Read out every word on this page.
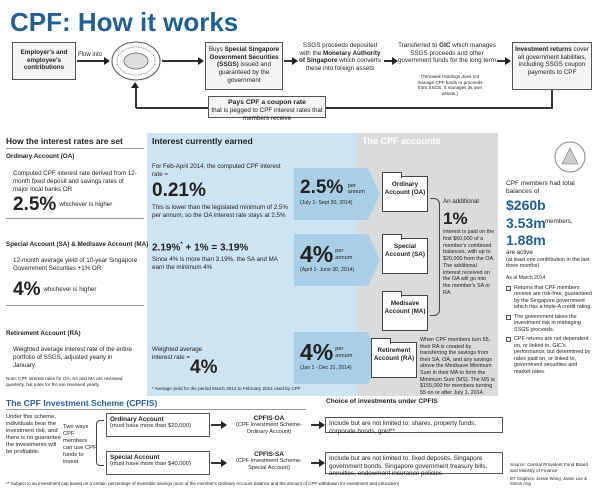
CPF: How it works
Employer's and employee's contributions
Flow into
Buys Special Singapore Government Securities (SSGS) issued and guaranteed by the government
SSGS proceeds deposited with the Monetary Authority of Singapore which converts these into foreign assets
Transferred to GIC which manages SSGS proceeds and other government funds for the long term
(Temasek Holdings does not manage CPF funds or proceeds from SSGS. It manages its own assets.)
Investment returns cover all government liabilities, including SSGS coupon payments to CPF
Pays CPF a coupon rate
that is pegged to CPF interest rates that members receive
How the interest rates are set
Ordinary Account (OA)
Computed CPF interest rate derived from 12-month fixed deposit and savings rates of major local banks OR
2.5% whichever is higher
Special Account (SA) & Medisave Account (MA)
12-month average yield of 10-year Singapore Government Securities +1% OR
4% whichever is higher
Retirement Account (RA)
Weighted average interest rate of the entire portfolio of SSGS, adjusted yearly in January.
Note: CPF interest rules for OA, SA and MA are reviewed quarterly, but rules for RA are reviewed yearly.
Interest currently earned
For Feb-April 2014, the computed CPF interest rate =
0.21%
This is lower than the legislated minimum of 2.5% per annum, so the OA interest rate stays at 2.5%
2.5% per annum
(July 1- Sept 30, 2014)
2.19%* + 1% = 3.19%
Since 4% is more than 3.19%, the SA and MA earn the minimum 4%
4% per
annum
(April 1- June 30, 2014)
Weighted average interest rate = 4%
4% per
annum
(Jan 1 - Dec 31, 2014)
* Average yield for the period March 2013 to February 2014 used by CPF
The CPF accounts
Ordinary Account (OA)
Special Account (SA)
Medisave Account (MA)
Retirement Account (RA)
An additional
1%
interest is paid on the first $60,000 of a member's combined balances, with up to $20,000 from the OA. The additional interest received on the OA will go into the member's SA or RA.
When CPF members turn 55, their RA is created by transferring the savings from their SA, OA, and any savings above the Medisave Minimum Sum in their MA to form the Minimum Sum (MS). The MS is $155,000 for members turning 55 on or after July 1, 2014.
CPF members had total balances of
$260b
3.53m members,
1.88m
are active
(at least one contribution in the last three months)
As at March 2014
Returns that CPF members receive are risk-free, guaranteed by the Singapore government which has a triple-A credit rating.
The government takes the investment risk in managing SSGS proceeds.
CPF returns are not dependent on, or linked to, GIC's performance, but determined by rates paid on, or linked to, government securities and market rates.
Source: Central Provident Fund Board and Ministry of Finance
BT Graphics: Jessie Wong, Jamie Lee & Simon Ang
The CPF Investment Scheme (CPFIS)
Under this scheme, individuals bear the investment risk, and there is no guarantee the investments will be profitable.
Two ways CPF members can use CPF funds to invest
Ordinary Account
(must have more than $20,000)
Special Account
(must have more than $40,000)
CPFIS-OA
(CPF Investment Scheme- Ordinary Account)
CPFIS-SA
(CPF Investment Scheme- Special Account)
Choice of investments under CPFIS
Include but are not limited to: shares, property funds, corporate bonds, gold**
Include but are not limited to: fixed deposits, Singapore government bonds, Singapore government treasury bills, annuities, endowment insurance policies
** Subject to an investment cap based on a certain percentage of investible savings (sum of the member's Ordinary Account balance and the amount of CPF withdrawn for investment and education)
